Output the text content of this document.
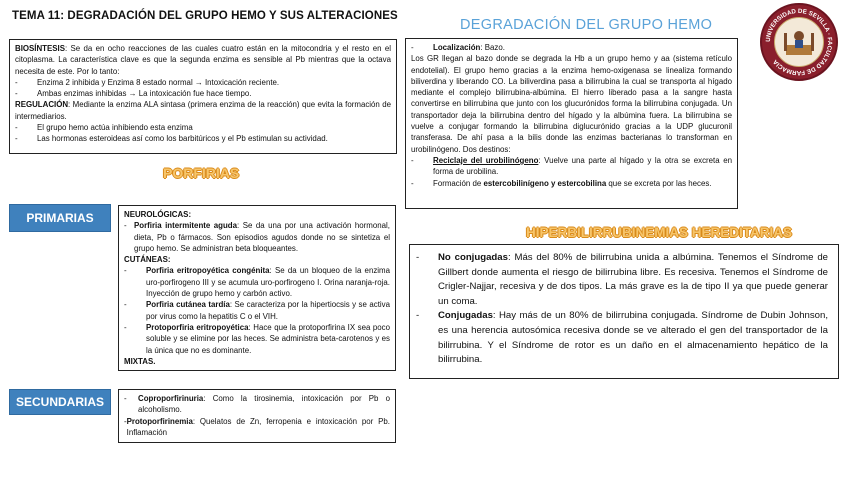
TEMA 11: DEGRADACIÓN DEL GRUPO HEMO Y SUS ALTERACIONES

BIOSÍNTESIS: Se da en ocho reacciones de las cuales cuatro están en la mitocondria y el resto en el citoplasma. La característica clave es que la segunda enzima es sensible al Pb mientras que la octava necesita de este. Por lo tanto:

-	Enzima 2 inhibida y Enzima 8 estado normal → Intoxicación reciente.
-	Ambas enzimas inhibidas → La intoxicación fue hace tiempo.

REGULACIÓN: Mediante la enzima ALA sintasa (primera enzima de la reacción) que evita la formación de intermediarios.

-	El grupo hemo actúa inhibiendo esta enzima
-	Las hormonas esteroideas así como los barbitúricos y el Pb estimulan su actividad.
PORFIRIAS
PRIMARIAS	NEUROLÓGICAS:

- Porfiria intermitente aguda: Se da una por una activación hormonal, dieta, Pb o fármacos. Son episodios agudos donde no se sintetiza el grupo hemo. Se administran beta bloqueantes.

CUTÁNEAS:

-	Porfiria eritropoyética congénita: Se da un bloqueo de la enzima uro-porfirogeno III y se acumula uro-porfirogeno I. Orina naranja-roja. Inyección de grupo hemo y carbón activo.
-	Porfiria cutánea tardía: Se caracteriza por la hipertiocsis y se activa por virus como la hepatitis C o el VIH.
-	Protoporfiria eritropoyética: Hace que la protoporfirina IX sea poco soluble y se elimine por las heces. Se administra beta-carotenos y es la única que no es dominante.

MIXTAS.

SECUNDARIAS	-	Coproporfirinuria: Como la tirosinemia, intoxicación por Pb o alcoholismo.
- Protoporfirinemia: Quelatos de Zn, ferropenia e intoxicación por Pb. Inflamación
DEGRADACIÓN DEL GRUPO HEMO
UNIVERSIDAD DE SEVILLA · FACULTAD DE FARMACIA
-	Localización: Bazo.

Los GR llegan al bazo donde se degrada la Hb a un grupo hemo y aa (sistema retículo endotelial). El grupo hemo gracias a la enzima hemo-oxigenasa se linealiza formando biliverdina y liberando CO. La biliverdina pasa a bilirrubina la cual se transporta al hígado mediante el complejo bilirrubina-albúmina. El hierro liberado pasa a la sangre hasta convertirse en bilirrubina que junto con los glucurónidos forma la bilirrubina conjugada. Un transportador deja la bilirrubina dentro del hígado y la albúmina fuera. La bilirrubina se vuelve a conjugar formando la bilirrubina diglucurónido gracias a la UDP glucuronil transferasa. De ahí pasa a la bilis donde las enzimas bacterianas lo transforman en urobilinógeno. Dos destinos:

-	Reciclaje del urobilinógeno: Vuelve una parte al hígado y la otra se excreta en forma de urobilina.
-	Formación de estercobilinígeno y estercobilina que se excreta por las heces.
HIPERBILIRRUBINEMIAS HEREDITARIAS
-	No conjugadas: Más del 80% de bilirrubina unida a albúmina. Tenemos el Síndrome de Gillbert donde aumenta el riesgo de bilirrubina libre. Es recesiva. Tenemos el Síndrome de Crigler-Najjar, recesiva y de dos tipos. La más grave es la de tipo II ya que puede generar un coma.
-	Conjugadas: Hay más de un 80% de bilirrubina conjugada. Síndrome de Dubin Johnson, es una herencia autosómica recesiva donde se ve alterado el gen del transportador de la bilirrubina. Y el Síndrome de rotor es un daño en el almacenamiento hepático de la bilirrubina.
